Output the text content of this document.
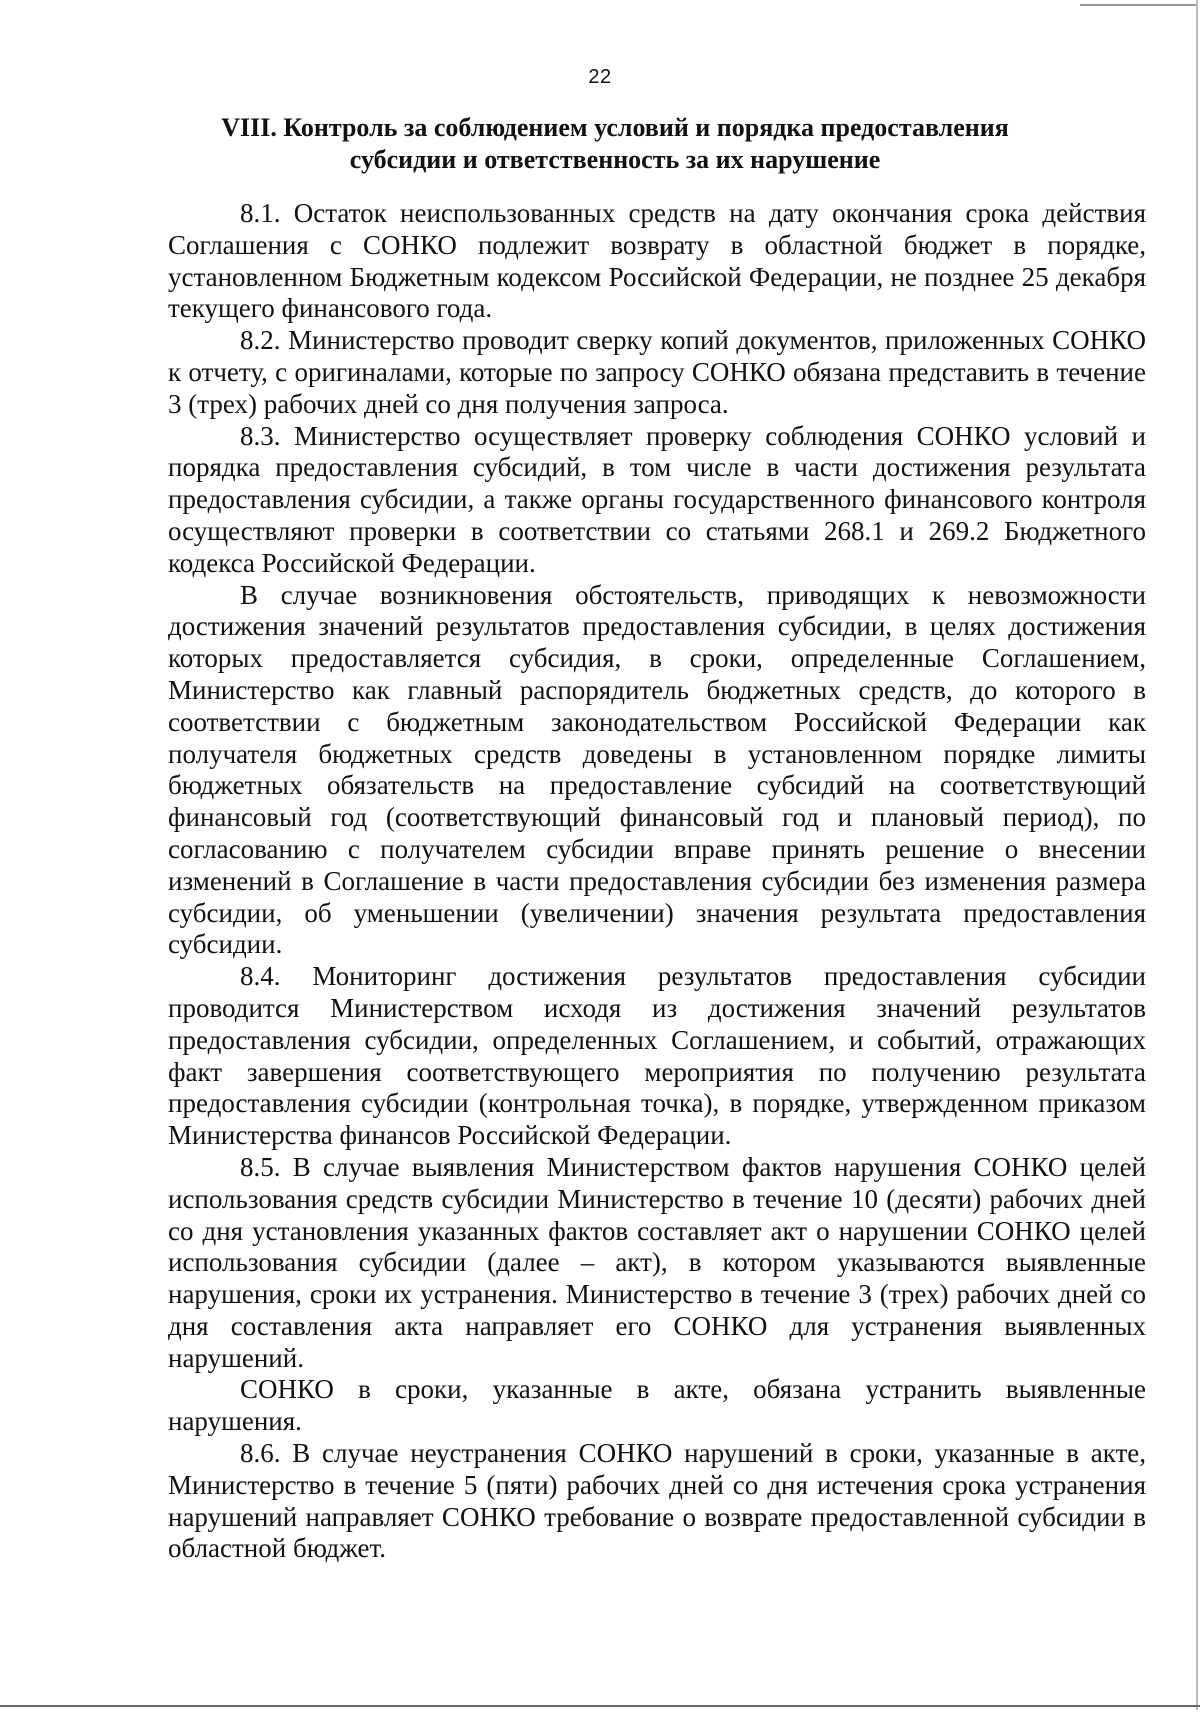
22
VIII. Контроль за соблюдением условий и порядка предоставления
субсидии и ответственность за их нарушение

8.1. Остаток неиспользованных средств на дату окончания срока действия Соглашения с СОНКО подлежит возврату в областной бюджет в порядке, установленном Бюджетным кодексом Российской Федерации, не позднее 25 декабря текущего финансового года.

8.2. Министерство проводит сверку копий документов, приложенных СОНКО к отчету, с оригиналами, которые по запросу СОНКО обязана представить в течение 3 (трех) рабочих дней со дня получения запроса.

8.3. Министерство осуществляет проверку соблюдения СОНКО условий и порядка предоставления субсидий, в том числе в части достижения результата предоставления субсидии, а также органы государственного финансового контроля осуществляют проверки в соответствии со статьями 268.1 и 269.2 Бюджетного кодекса Российской Федерации.

В случае возникновения обстоятельств, приводящих к невозможности достижения значений результатов предоставления субсидии, в целях достижения которых предоставляется субсидия, в сроки, определенные Соглашением, Министерство как главный распорядитель бюджетных средств, до которого в соответствии с бюджетным законодательством Российской Федерации как получателя бюджетных средств доведены в установленном порядке лимиты бюджетных обязательств на предоставление субсидий на соответствующий финансовый год (соответствующий финансовый год и плановый период), по согласованию с получателем субсидии вправе принять решение о внесении изменений в Соглашение в части предоставления субсидии без изменения размера субсидии, об уменьшении (увеличении) значения результата предоставления субсидии.

8.4. Мониторинг достижения результатов предоставления субсидии проводится Министерством исходя из достижения значений результатов предоставления субсидии, определенных Соглашением, и событий, отражающих факт завершения соответствующего мероприятия по получению результата предоставления субсидии (контрольная точка), в порядке, утвержденном приказом Министерства финансов Российской Федерации.

8.5. В случае выявления Министерством фактов нарушения СОНКО целей использования средств субсидии Министерство в течение 10 (десяти) рабочих дней со дня установления указанных фактов составляет акт о нарушении СОНКО целей использования субсидии (далее – акт), в котором указываются выявленные нарушения, сроки их устранения. Министерство в течение 3 (трех) рабочих дней со дня составления акта направляет его СОНКО для устранения выявленных нарушений.

СОНКО в сроки, указанные в акте, обязана устранить выявленные нарушения.

8.6. В случае неустранения СОНКО нарушений в сроки, указанные в акте, Министерство в течение 5 (пяти) рабочих дней со дня истечения срока устранения нарушений направляет СОНКО требование о возврате предоставленной субсидии в областной бюджет.
